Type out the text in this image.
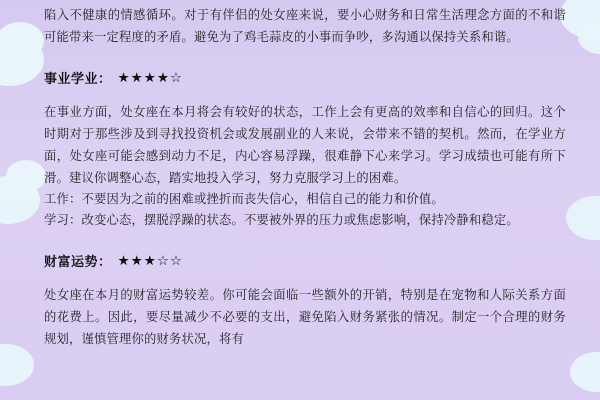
陷入不健康的情感循环。对于有伴侣的处女座来说，要小心财务和日常生活理念方面的不和谐可能带来一定程度的矛盾。避免为了鸡毛蒜皮的小事而争吵，多沟通以保持关系和谐。

事业学业： ★★★★☆

在事业方面，处女座在本月将会有较好的状态，工作上会有更高的效率和自信心的回归。这个时期对于那些涉及到寻找投资机会或发展副业的人来说，会带来不错的契机。然而，在学业方面，处女座可能会感到动力不足，内心容易浮躁，很难静下心来学习。学习成绩也可能有所下滑。建议你调整心态，踏实地投入学习，努力克服学习上的困难。

工作：不要因为之前的困难或挫折而丧失信心，相信自己的能力和价值。

学习：改变心态，摆脱浮躁的状态。不要被外界的压力或焦虑影响，保持冷静和稳定。

财富运势： ★★★☆☆

处女座在本月的财富运势较差。你可能会面临一些额外的开销，特别是在宠物和人际关系方面的花费上。因此，要尽量减少不必要的支出，避免陷入财务紧张的情况。制定一个合理的财务规划，谨慎管理你的财务状况，将有
